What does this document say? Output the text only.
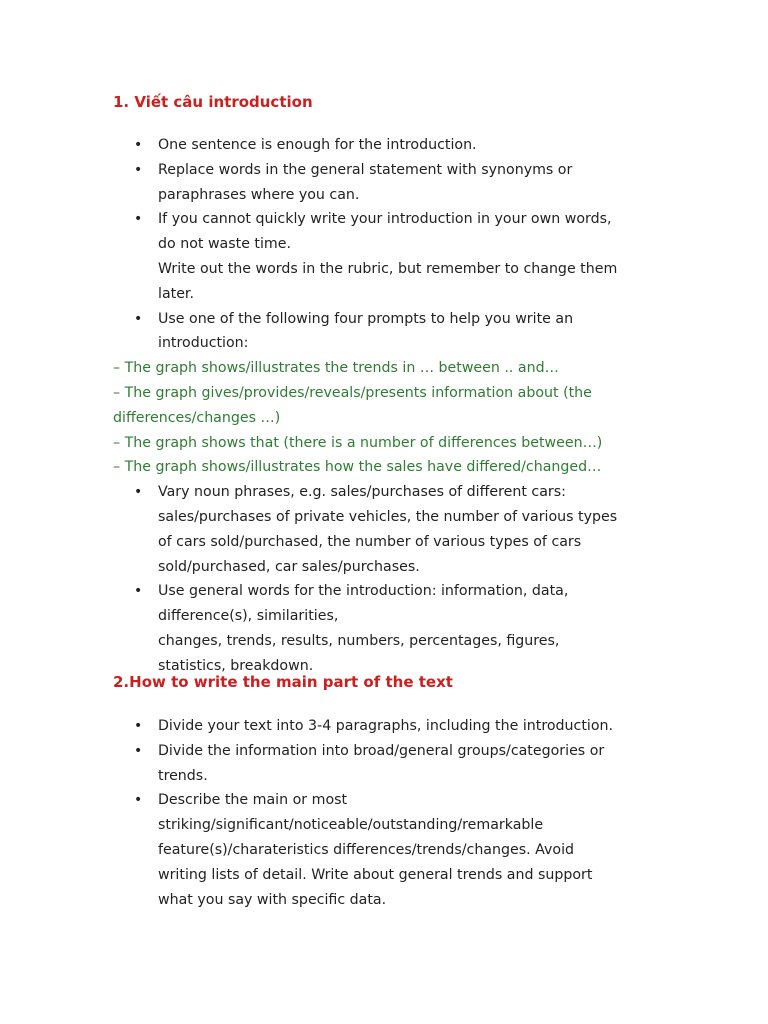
1. Viết câu introduction
• One sentence is enough for the introduction.
• Replace words in the general statement with synonyms or
paraphrases where you can.
• If you cannot quickly write your introduction in your own words,
do not waste time.
Write out the words in the rubric, but remember to change them
later.
• Use one of the following four prompts to help you write an
introduction:
– The graph shows/illustrates the trends in … between .. and…
– The graph gives/provides/reveals/presents information about (the
differences/changes …)
– The graph shows that (there is a number of differences between…)
– The graph shows/illustrates how the sales have differed/changed…
• Vary noun phrases, e.g. sales/purchases of different cars:
sales/purchases of private vehicles, the number of various types
of cars sold/purchased, the number of various types of cars
sold/purchased, car sales/purchases.
• Use general words for the introduction: information, data,
difference(s), similarities,
changes, trends, results, numbers, percentages, figures,
statistics, breakdown.
2.How to write the main part of the text
• Divide your text into 3-4 paragraphs, including the introduction.
• Divide the information into broad/general groups/categories or
trends.
• Describe the main or most
striking/significant/noticeable/outstanding/remarkable
feature(s)/charateristics differences/trends/changes. Avoid
writing lists of detail. Write about general trends and support
what you say with specific data.
